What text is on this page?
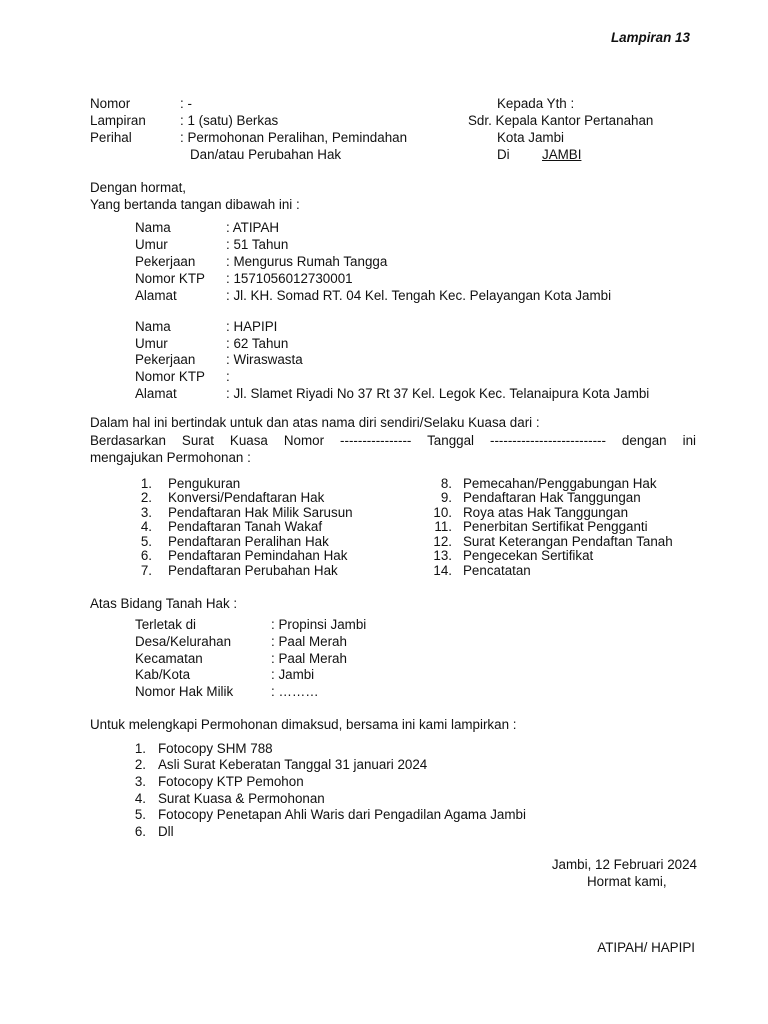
Lampiran 13
Nomor	: -
Lampiran	: 1 (satu) Berkas
Perihal	: Permohonan Peralihan, Pemindahan
Dan/atau Perubahan Hak
Kepada Yth :
Sdr. Kepala Kantor Pertanahan
Kota Jambi
Di JAMBI
Dengan hormat,
Yang bertanda tangan dibawah ini :
Nama	: ATIPAH
Umur	: 51 Tahun
Pekerjaan : Mengurus Rumah Tangga
Nomor KTP : 1571056012730001
Alamat	: Jl. KH. Somad RT. 04 Kel. Tengah Kec. Pelayangan Kota Jambi
Nama	: HAPIPI
Umur	: 62 Tahun
Pekerjaan : Wiraswasta
Nomor KTP :
Alamat	: Jl. Slamet Riyadi No 37 Rt 37 Kel. Legok Kec. Telanaipura Kota Jambi
Dalam hal ini bertindak untuk dan atas nama diri sendiri/Selaku Kuasa dari :
Berdasarkan Surat Kuasa Nomor ---------------- Tanggal -------------------------- dengan ini
mengajukan Permohonan :
1. Pengukuran
2. Konversi/Pendaftaran Hak
3. Pendaftaran Hak Milik Sarusun
4. Pendaftaran Tanah Wakaf
5. Pendaftaran Peralihan Hak
6. Pendaftaran Pemindahan Hak
7. Pendaftaran Perubahan Hak
8. Pemecahan/Penggabungan Hak
9. Pendaftaran Hak Tanggungan
10. Roya atas Hak Tanggungan
11. Penerbitan Sertifikat Pengganti
12. Surat Keterangan Pendaftan Tanah
13. Pengecekan Sertifikat
14. Pencatatan
Atas Bidang Tanah Hak :
Terletak di	: Propinsi Jambi
Desa/Kelurahan	: Paal Merah
Kecamatan	: Paal Merah
Kab/Kota	: Jambi
Nomor Hak Milik	: ………
Untuk melengkapi Permohonan dimaksud, bersama ini kami lampirkan :
1. Fotocopy SHM 788
2. Asli Surat Keberatan Tanggal 31 januari 2024
3. Fotocopy KTP Pemohon
4. Surat Kuasa & Permohonan
5. Fotocopy Penetapan Ahli Waris dari Pengadilan Agama Jambi
6. Dll
Jambi, 12 Februari 2024
Hormat kami,
ATIPAH/ HAPIPI
